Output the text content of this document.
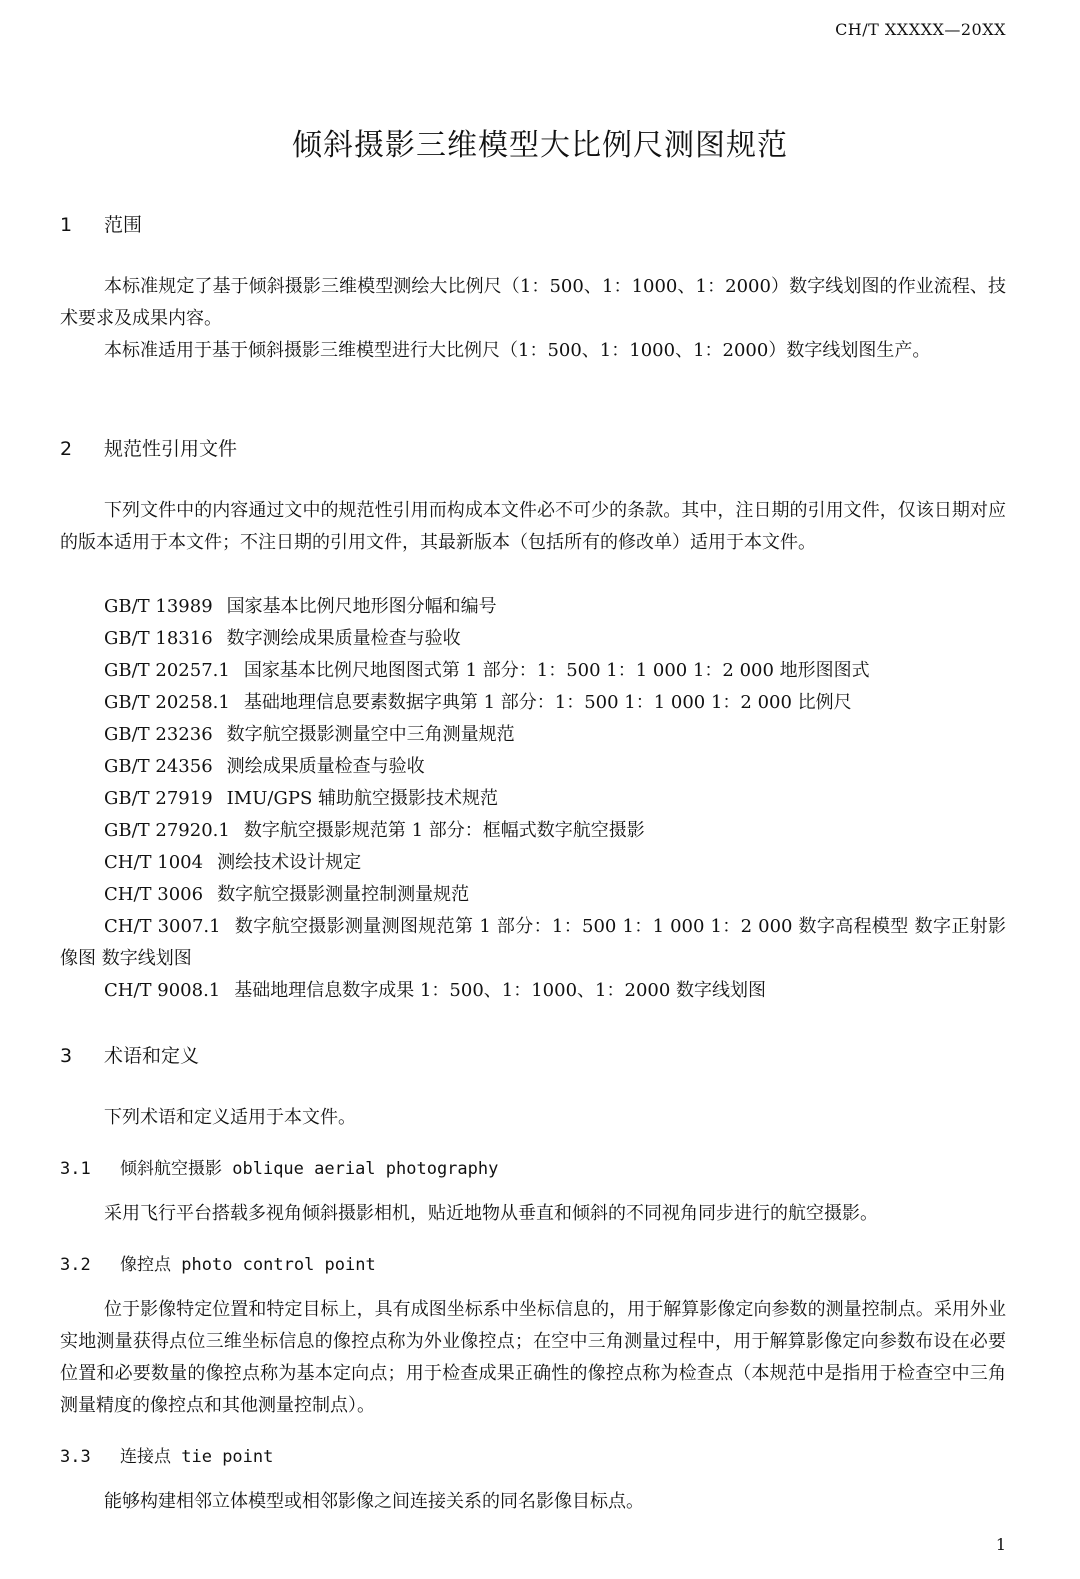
CH/T XXXXX—20XX
倾斜摄影三维模型大比例尺测图规范
1 范围
本标准规定了基于倾斜摄影三维模型测绘大比例尺（1：500、1：1000、1：2000）数字线划图的作业流程、技术要求及成果内容。
本标准适用于基于倾斜摄影三维模型进行大比例尺（1：500、1：1000、1：2000）数字线划图生产。
2 规范性引用文件
下列文件中的内容通过文中的规范性引用而构成本文件必不可少的条款。其中，注日期的引用文件，仅该日期对应的版本适用于本文件；不注日期的引用文件，其最新版本（包括所有的修改单）适用于本文件。
GB/T 13989 国家基本比例尺地形图分幅和编号
GB/T 18316 数字测绘成果质量检查与验收
GB/T 20257.1 国家基本比例尺地图图式第 1 部分：1：500 1：1 000 1：2 000 地形图图式
GB/T 20258.1 基础地理信息要素数据字典第 1 部分：1：500 1：1 000 1：2 000 比例尺
GB/T 23236 数字航空摄影测量空中三角测量规范
GB/T 24356 测绘成果质量检查与验收
GB/T 27919 IMU/GPS 辅助航空摄影技术规范
GB/T 27920.1 数字航空摄影规范第 1 部分：框幅式数字航空摄影
CH/T 1004 测绘技术设计规定
CH/T 3006 数字航空摄影测量控制测量规范
CH/T 3007.1 数字航空摄影测量测图规范第 1 部分：1：500 1：1 000 1：2 000 数字高程模型 数字正射影像图 数字线划图
CH/T 9008.1 基础地理信息数字成果 1：500、1：1000、1：2000 数字线划图
3 术语和定义
下列术语和定义适用于本文件。
3.1 倾斜航空摄影 oblique aerial photography
采用飞行平台搭载多视角倾斜摄影相机，贴近地物从垂直和倾斜的不同视角同步进行的航空摄影。
3.2 像控点 photo control point
位于影像特定位置和特定目标上，具有成图坐标系中坐标信息的，用于解算影像定向参数的测量控制点。采用外业实地测量获得点位三维坐标信息的像控点称为外业像控点；在空中三角测量过程中，用于解算影像定向参数布设在必要位置和必要数量的像控点称为基本定向点；用于检查成果正确性的像控点称为检查点（本规范中是指用于检查空中三角测量精度的像控点和其他测量控制点）。
3.3 连接点 tie point
能够构建相邻立体模型或相邻影像之间连接关系的同名影像目标点。
1
